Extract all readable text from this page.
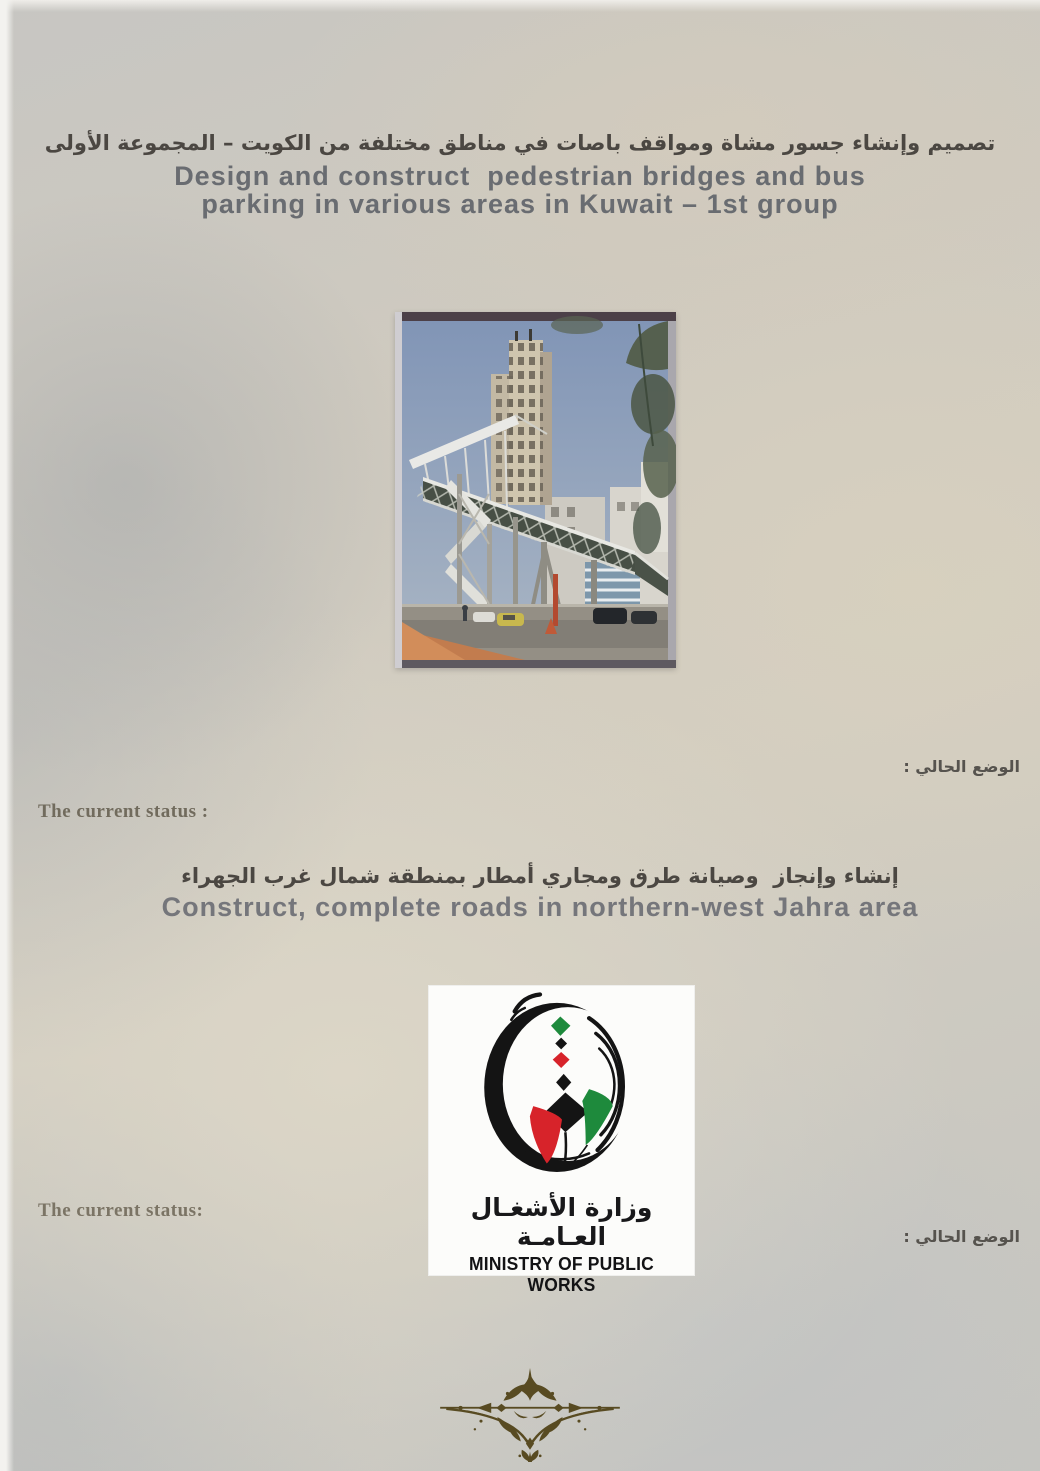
تصميم وإنشاء جسور مشاة ومواقف باصات في مناطق مختلفة من الكويت – المجموعة الأولى
Design and construct  pedestrian bridges and bus
parking in various areas in Kuwait – 1st group
الوضع الحالي :
The current status :
إنشاء وإنجاز  وصيانة طرق ومجاري أمطار بمنطقة شمال غرب الجهراء
Construct, complete roads in northern-west Jahra area
وزارة الأشغـال العـامـة
MINISTRY OF PUBLIC WORKS
The current status:
الوضع الحالي :
